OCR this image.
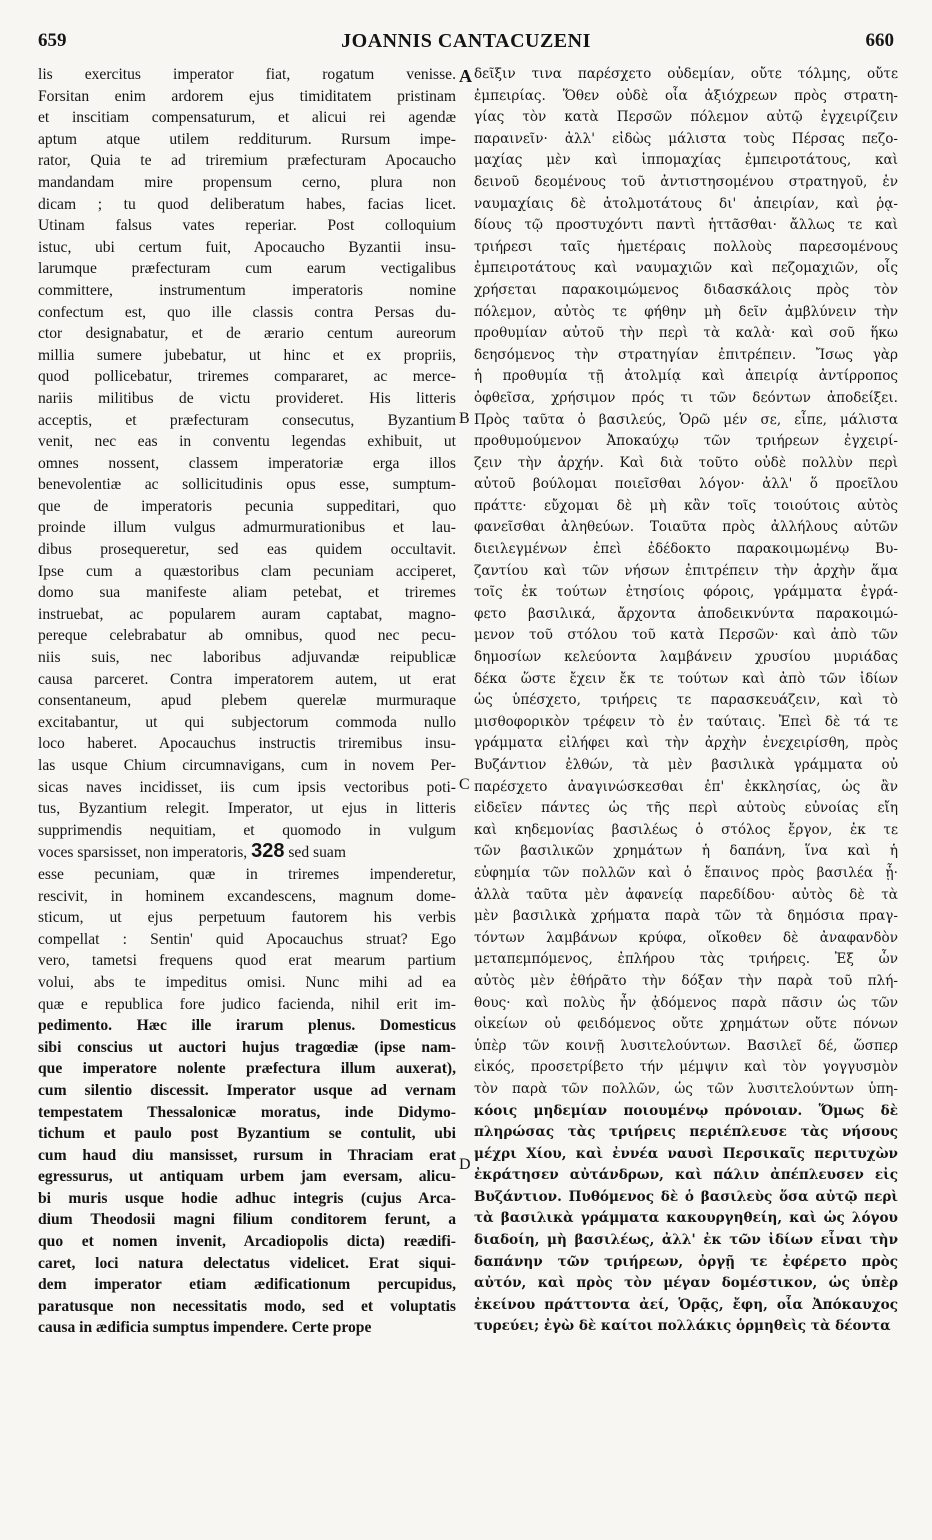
659	JOANNIS CANTACUZENI	660
lis exercitus imperator fiat, rogatum venisse.
Forsitan enim ardorem ejus timiditatem pristinam
et inscitiam compensaturum, et alicui rei agendæ
aptum atque utilem redditurum. Rursum impe-
rator, Quia te ad triremium præfecturam Apocaucho
mandandam mire propensum cerno, plura non
dicam ; tu quod deliberatum habes, facias licet.
Utinam falsus vates reperiar. Post colloquium
istuc, ubi certum fuit, Apocaucho Byzantii insu-
larumque præfecturam cum earum vectigalibus
committere, instrumentum imperatoris nomine
confectum est, quo ille classis contra Persas du-
ctor designabatur, et de ærario centum aureorum
millia sumere jubebatur, ut hinc et ex propriis,
quod pollicebatur, triremes compararet, ac merce-
nariis militibus de victu provideret. His litteris
acceptis, et præfecturam consecutus, Byzantium
venit, nec eas in conventu legendas exhibuit, ut
omnes nossent, classem imperatoriæ erga illos
benevolentiæ ac sollicitudinis opus esse, sumptum-
que de imperatoris pecunia suppeditari, quo
proinde illum vulgus admurmurationibus et lau-
dibus prosequeretur, sed eas quidem occultavit.
Ipse cum a quæstoribus clam pecuniam acciperet,
domo sua manifeste aliam petebat, et triremes
instruebat, ac popularem auram captabat, magno-
pereque celebrabatur ab omnibus, quod nec pecu-
niis suis, nec laboribus adjuvandæ reipublicæ
causa parceret. Contra imperatorem autem, ut erat
consentaneum, apud plebem querelæ murmuraque
excitabantur, ut qui subjectorum commoda nullo
loco haberet. Apocauchus instructis triremibus insu-
las usque Chium circumnavigans, cum in novem Per-
sicas naves incidisset, iis cum ipsis vectoribus poti-
tus, Byzantium relegit. Imperator, ut ejus in litteris
supprimendis nequitiam, et quomodo in vulgum
voces sparsisset, non imperatoris, 328 sed suam
esse pecuniam, quæ in triremes impenderetur,
rescivit, in hominem excandescens, magnum dome-
sticum, ut ejus perpetuum fautorem his verbis
compellat : Sentin' quid Apocauchus struat? Ego
vero, tametsi frequens quod erat mearum partium
volui, abs te impeditus omisi. Nunc mihi ad ea
quæ e republica fore judico facienda, nihil erit im-
pedimento. Hæc ille irarum plenus. Domesticus
sibi conscius ut auctori hujus tragœdiæ (ipse nam-
que imperatore nolente præfectura illum auxerat),
cum silentio discessit. Imperator usque ad vernam
tempestatem Thessalonicæ moratus, inde Didymo-
tichum et paulo post Byzantium se contulit, ubi
cum haud diu mansisset, rursum in Thraciam erat
egressurus, ut antiquam urbem jam eversam, alicu-
bi muris usque hodie adhuc integris (cujus Arca-
dium Theodosii magni filium conditorem ferunt, a
quo et nomen invenit, Arcadiopolis dicta) reædifi-
caret, loci natura delectatus videlicet. Erat siqui-
dem imperator etiam ædificationum percupidus,
paratusque non necessitatis modo, sed et voluptatis
causa in ædificia sumptus impendere. Certe prope
A
B
C
D
δεῖξιν τινα παρέσχετο οὐδεμίαν, οὔτε τόλμης, οὔτε
ἐμπειρίας. Ὅθεν οὐδὲ οἷα ἀξιόχρεων πρὸς στρατη-
γίας τὸν κατὰ Περσῶν πόλεμον αὐτῷ ἐγχειρίζειν
παραινεῖν· ἀλλ' εἰδὼς μάλιστα τοὺς Πέρσας πεζο-
μαχίας μὲν καὶ ἱππομαχίας ἐμπειροτάτους, καὶ
δεινοῦ δεομένους τοῦ ἀντιστησομένου στρατηγοῦ, ἐν
ναυμαχίαις δὲ ἀτολμοτάτους δι' ἀπειρίαν, καὶ ῥᾳ-
δίους τῷ προστυχόντι παντὶ ἡττᾶσθαι· ἄλλως τε καὶ
τριήρεσι ταῖς ἡμετέραις πολλοὺς παρεσομένους
ἐμπειροτάτους καὶ ναυμαχιῶν καὶ πεζομαχιῶν, οἷς
χρήσεται παρακοιμώμενος διδασκάλοις πρὸς τὸν
πόλεμον, αὐτὸς τε φήθην μὴ δεῖν ἀμβλύνειν τὴν
προθυμίαν αὐτοῦ τὴν περὶ τὰ καλὰ· καὶ σοῦ ἥκω
δεησόμενος τὴν στρατηγίαν ἐπιτρέπειν. Ἴσως γὰρ
ἡ προθυμία τῇ ἀτολμίᾳ καὶ ἀπειρίᾳ ἀντίρροπος
ὀφθεῖσα, χρήσιμον πρός τι τῶν δεόντων ἀποδείξει.
Πρὸς ταῦτα ὁ βασιλεύς, Ὁρῶ μέν σε, εἶπε, μάλιστα
προθυμούμενον Ἀποκαύχῳ τῶν τριήρεων ἐγχειρί-
ζειν τὴν ἀρχήν. Καὶ διὰ τοῦτο οὐδὲ πολλὺν περὶ
αὐτοῦ βούλομαι ποιεῖσθαι λόγον· ἀλλ' ὅ προεῖλου
πράττε· εὔχομαι δὲ μὴ κἂν τοῖς τοιούτοις αὐτὸς
φανεῖσθαι ἀληθεύων. Τοιαῦτα πρὸς ἀλλήλους αὐτῶν
διειλεγμένων ἐπεὶ ἐδέδοκτο παρακοιμωμένῳ Βυ-
ζαντίου καὶ τῶν νήσων ἐπιτρέπειν τὴν ἀρχὴν ἅμα
τοῖς ἐκ τούτων ἐτησίοις φόροις, γράμματα ἐγρά-
φετο βασιλικά, ἄρχοντα ἀποδεικνύντα παρακοιμώ-
μενον τοῦ στόλου τοῦ κατὰ Περσῶν· καὶ ἀπὸ τῶν
δημοσίων κελεύοντα λαμβάνειν χρυσίου μυριάδας
δέκα ὥστε ἔχειν ἔκ τε τούτων καὶ ἀπὸ τῶν ἰδίων
ὡς ὑπέσχετο, τριήρεις τε παρασκευάζειν, καὶ τὸ
μισθοφορικὸν τρέφειν τὸ ἐν ταύταις. Ἐπεὶ δὲ τά τε
γράμματα εἰλήφει καὶ τὴν ἀρχὴν ἐνεχειρίσθη, πρὸς
Βυζάντιον ἐλθών, τὰ μὲν βασιλικὰ γράμματα οὐ
παρέσχετο ἀναγινώσκεσθαι ἐπ' ἐκκλησίας, ὡς ἂν
εἰδεῖεν πάντες ὡς τῆς περὶ αὐτοὺς εὐνοίας εἴη
καὶ κηδεμονίας βασιλέως ὁ στόλος ἔργον, ἐκ τε
τῶν βασιλικῶν χρημάτων ἡ δαπάνη, ἵνα καὶ ἡ
εὐφημία τῶν πολλῶν καὶ ὁ ἔπαινος πρὸς βασιλέα ᾖ·
ἀλλὰ ταῦτα μὲν ἀφανείᾳ παρεδίδου· αὐτὸς δὲ τὰ
μὲν βασιλικὰ χρήματα παρὰ τῶν τὰ δημόσια πραγ-
τόντων λαμβάνων κρύφα, οἴκοθεν δὲ ἀναφανδὸν
μεταπεμπόμενος, ἐπλήρου τὰς τριήρεις. Ἐξ ὧν
αὐτὸς μὲν ἐθήρᾶτο τὴν δόξαν τὴν παρὰ τοῦ πλή-
θους· καὶ πολὺς ἦν ᾀδόμενος παρὰ πᾶσιν ὡς τῶν
οἰκείων οὐ φειδόμενος οὔτε χρημάτων οὔτε πόνων
ὑπὲρ τῶν κοινῇ λυσιτελούντων. Βασιλεῖ δέ, ὥσπερ
εἰκός, προσετρίβετο τήν μέμψιν καὶ τὸν γογγυσμὸν
τὸν παρὰ τῶν πολλῶν, ὡς τῶν λυσιτελούντων ὑπη-
κόοις μηδεμίαν ποιουμένῳ πρόνοιαν. Ὅμως δὲ
πληρώσας τὰς τριήρεις περιέπλευσε τὰς νήσους
μέχρι Χίου, καὶ ἐννέα ναυσὶ Περσικαῖς περιτυχὼν
ἐκράτησεν αὐτάνδρων, καὶ πάλιν ἀπέπλευσεν εἰς
Βυζάντιον. Πυθόμενος δὲ ὁ βασιλεὺς ὅσα αὐτῷ περὶ
τὰ βασιλικὰ γράμματα κακουργηθείη, καὶ ὡς λόγου
διαδοίη, μὴ βασιλέως, ἀλλ' ἐκ τῶν ἰδίων εἶναι τὴν
δαπάνην τῶν τριήρεων, ὀργῇ τε ἐφέρετο πρὸς
αὐτόν, καὶ πρὸς τὸν μέγαν δομέστικον, ὡς ὑπὲρ
ἐκείνου πράττοντα ἀεί, Ὁρᾷς, ἔφη, οἷα Ἀπόκαυχος
τυρεύει; ἐγὼ δὲ καίτοι πολλάκις ὁρμηθεὶς τὰ δέοντα
